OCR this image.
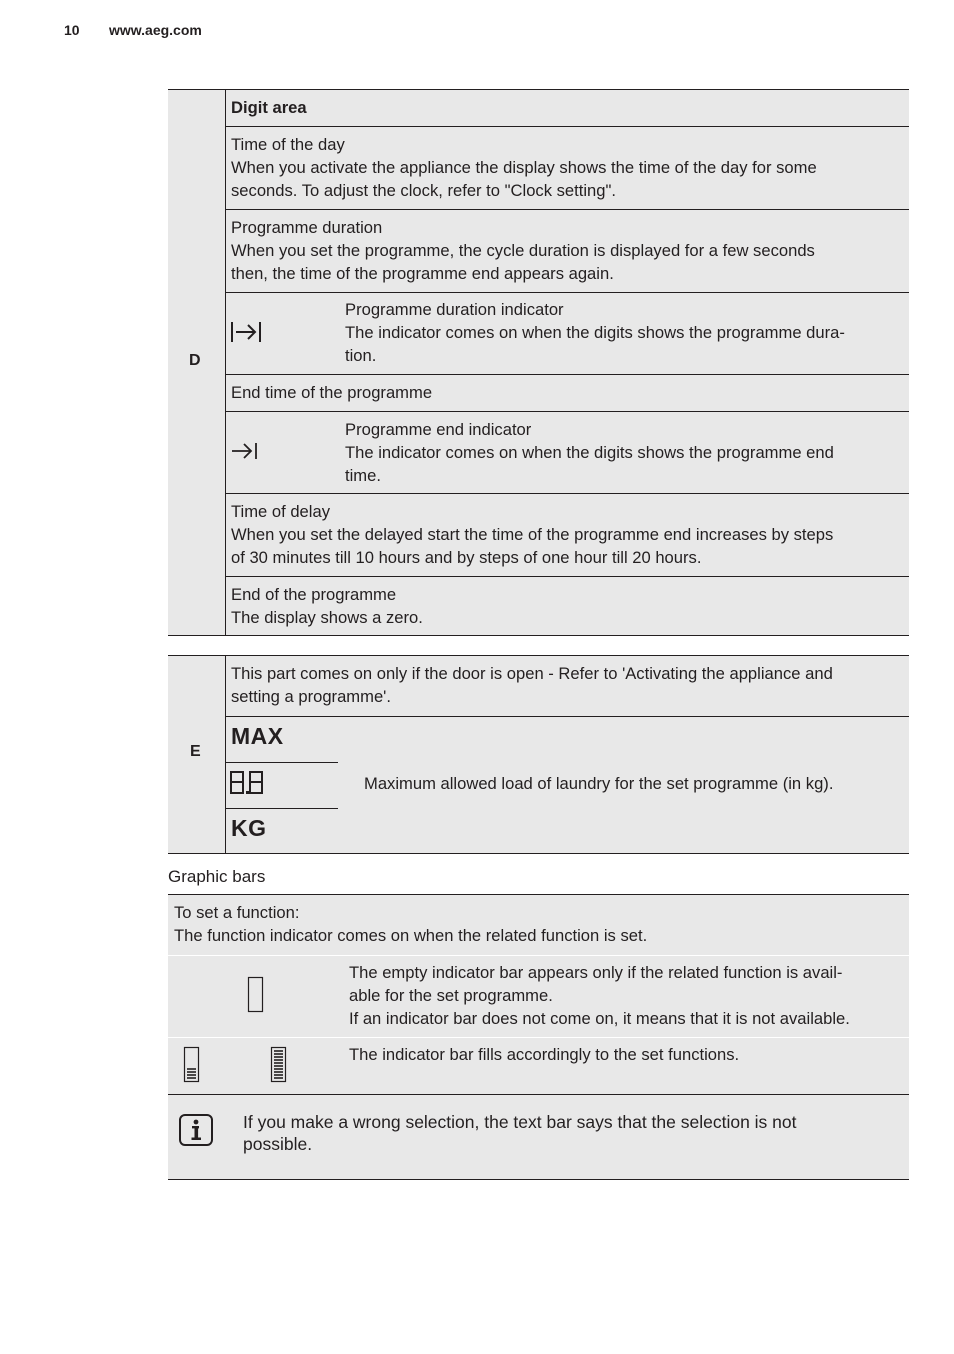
10 www.aeg.com
D
Digit area
Time of the day
When you activate the appliance the display shows the time of the day for some
seconds. To adjust the clock, refer to "Clock setting".
Programme duration
When you set the programme, the cycle duration is displayed for a few seconds
then, the time of the programme end appears again.
Programme duration indicator
The indicator comes on when the digits shows the programme dura-
tion.
End time of the programme
Programme end indicator
The indicator comes on when the digits shows the programme end
time.
Time of delay
When you set the delayed start the time of the programme end increases by steps
of 30 minutes till 10 hours and by steps of one hour till 20 hours.
End of the programme
The display shows a zero.
E
This part comes on only if the door is open - Refer to 'Activating the appliance and
setting a programme'.
MAX
KG
Maximum allowed load of laundry for the set programme (in kg).
Graphic bars
To set a function:
The function indicator comes on when the related function is set.
The empty indicator bar appears only if the related function is avail-
able for the set programme.
If an indicator bar does not come on, it means that it is not available.
The indicator bar fills accordingly to the set functions.
If you make a wrong selection, the text bar says that the selection is not
possible.
